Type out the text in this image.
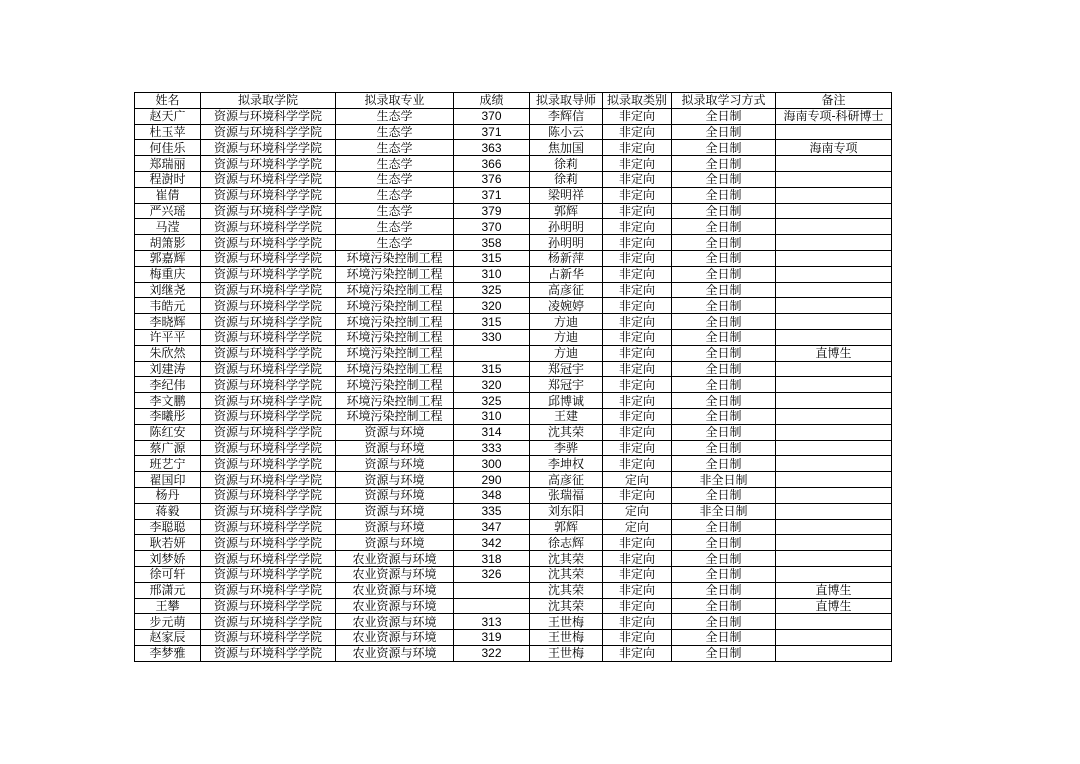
姓名	拟录取学院	拟录取专业	成绩	拟录取导师	拟录取类别	拟录取学习方式	备注
赵天广	资源与环境科学学院	生态学	370	李辉信	非定向	全日制	海南专项-科研博士
杜玉苹	资源与环境科学学院	生态学	371	陈小云	非定向	全日制	
何佳乐	资源与环境科学学院	生态学	363	焦加国	非定向	全日制	海南专项
郑瑞丽	资源与环境科学学院	生态学	366	徐莉	非定向	全日制	
程澍时	资源与环境科学学院	生态学	376	徐莉	非定向	全日制	
崔倩	资源与环境科学学院	生态学	371	梁明祥	非定向	全日制	
严兴瑶	资源与环境科学学院	生态学	379	郭辉	非定向	全日制	
马滢	资源与环境科学学院	生态学	370	孙明明	非定向	全日制	
胡箫影	资源与环境科学学院	生态学	358	孙明明	非定向	全日制	
郭嘉辉	资源与环境科学学院	环境污染控制工程	315	杨新萍	非定向	全日制	
梅重庆	资源与环境科学学院	环境污染控制工程	310	占新华	非定向	全日制	
刘继尧	资源与环境科学学院	环境污染控制工程	325	高彦征	非定向	全日制	
韦皓元	资源与环境科学学院	环境污染控制工程	320	凌婉婷	非定向	全日制	
李晓辉	资源与环境科学学院	环境污染控制工程	315	方迪	非定向	全日制	
许平平	资源与环境科学学院	环境污染控制工程	330	方迪	非定向	全日制	
朱欣然	资源与环境科学学院	环境污染控制工程		方迪	非定向	全日制	直博生
刘建涛	资源与环境科学学院	环境污染控制工程	315	郑冠宇	非定向	全日制	
李纪伟	资源与环境科学学院	环境污染控制工程	320	郑冠宇	非定向	全日制	
李文鹏	资源与环境科学学院	环境污染控制工程	325	邱博诚	非定向	全日制	
李曦彤	资源与环境科学学院	环境污染控制工程	310	王建	非定向	全日制	
陈红安	资源与环境科学学院	资源与环境	314	沈其荣	非定向	全日制	
蔡广源	资源与环境科学学院	资源与环境	333	李骅	非定向	全日制	
班艺宁	资源与环境科学学院	资源与环境	300	李坤权	非定向	全日制	
翟国印	资源与环境科学学院	资源与环境	290	高彦征	定向	非全日制	
杨丹	资源与环境科学学院	资源与环境	348	张瑞福	非定向	全日制	
蒋毅	资源与环境科学学院	资源与环境	335	刘东阳	定向	非全日制	
李聪聪	资源与环境科学学院	资源与环境	347	郭辉	定向	全日制	
耿若妍	资源与环境科学学院	资源与环境	342	徐志辉	非定向	全日制	
刘梦娇	资源与环境科学学院	农业资源与环境	318	沈其荣	非定向	全日制	
徐可轩	资源与环境科学学院	农业资源与环境	326	沈其荣	非定向	全日制	
邢潇元	资源与环境科学学院	农业资源与环境		沈其荣	非定向	全日制	直博生
王攀	资源与环境科学学院	农业资源与环境		沈其荣	非定向	全日制	直博生
步元萌	资源与环境科学学院	农业资源与环境	313	王世梅	非定向	全日制	
赵家辰	资源与环境科学学院	农业资源与环境	319	王世梅	非定向	全日制	
李梦雅	资源与环境科学学院	农业资源与环境	322	王世梅	非定向	全日制	
